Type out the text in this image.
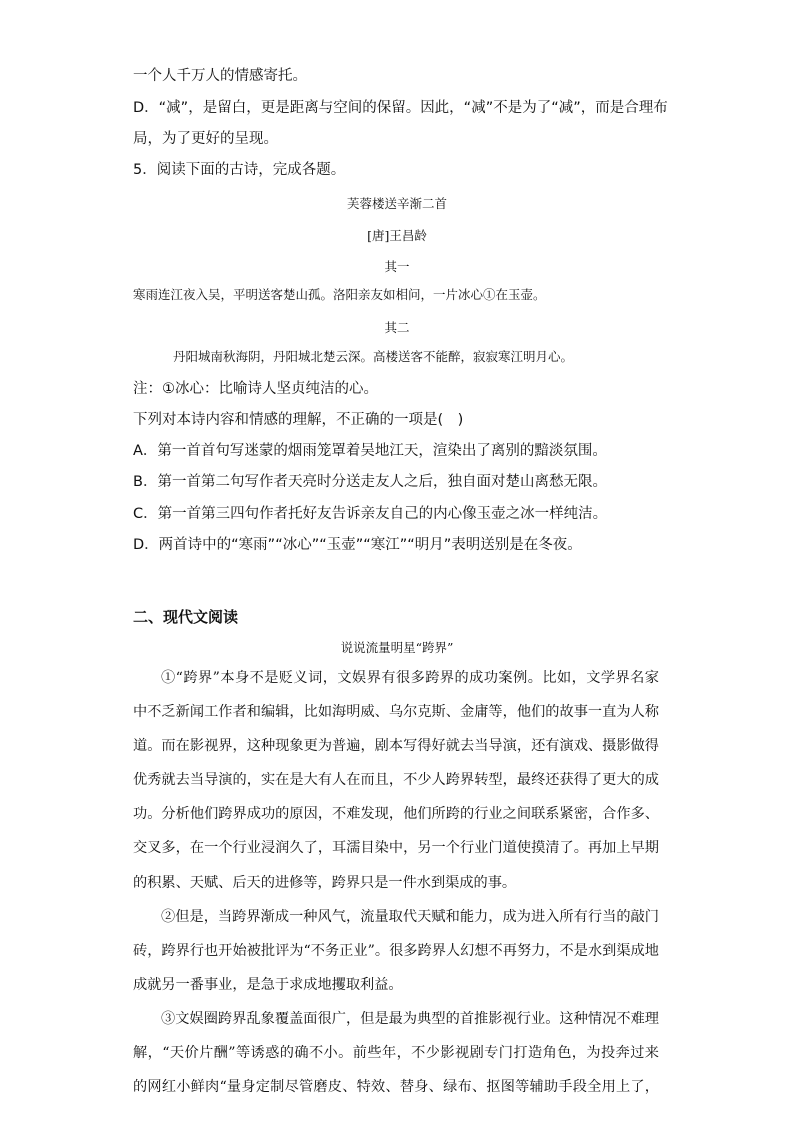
一个人千万人的情感寄托。
D．“减”，是留白，更是距离与空间的保留。因此，“减”不是为了“减”，而是合理布
局，为了更好的呈现。
5．阅读下面的古诗，完成各题。
芙蓉楼送辛渐二首
[唐]王昌龄
其一
寒雨连江夜入吴，平明送客楚山孤。洛阳亲友如相问，一片冰心①在玉壶。
其二
丹阳城南秋海阴，丹阳城北楚云深。高楼送客不能醉，寂寂寒江明月心。
注：①冰心：比喻诗人坚贞纯洁的心。
下列对本诗内容和情感的理解，不正确的一项是(　)
A．第一首首句写迷蒙的烟雨笼罩着吴地江天，渲染出了离别的黯淡氛围。
B．第一首第二句写作者天亮时分送走友人之后，独自面对楚山离愁无限。
C．第一首第三四句作者托好友告诉亲友自己的内心像玉壶之冰一样纯洁。
D．两首诗中的“寒雨”“冰心”“玉壶”“寒江”“明月”表明送别是在冬夜。
二、现代文阅读
说说流量明星“跨界”
①“跨界”本身不是贬义词，文娱界有很多跨界的成功案例。比如，文学界名家
中不乏新闻工作者和编辑，比如海明威、乌尔克斯、金庸等，他们的故事一直为人称
道。而在影视界，这种现象更为普遍，剧本写得好就去当导演，还有演戏、摄影做得
优秀就去当导演的，实在是大有人在而且，不少人跨界转型，最终还获得了更大的成
功。分析他们跨界成功的原因，不难发现，他们所跨的行业之间联系紧密，合作多、
交叉多，在一个行业浸润久了，耳濡目染中，另一个行业门道使摸清了。再加上早期
的积累、天赋、后天的进修等，跨界只是一件水到渠成的事。
②但是，当跨界渐成一种风气，流量取代天赋和能力，成为进入所有行当的敲门
砖，跨界行也开始被批评为“不务正业”。很多跨界人幻想不再努力，不是水到渠成地
成就另一番事业，是急于求成地攫取利益。
③文娱圈跨界乱象覆盖面很广，但是最为典型的首推影视行业。这种情况不难理
解，“天价片酬”等诱惑的确不小。前些年，不少影视剧专门打造角色，为投奔过来
的网红小鲜肉“量身定制尽管磨皮、特效、替身、绿布、抠图等辅助手段全用上了，
